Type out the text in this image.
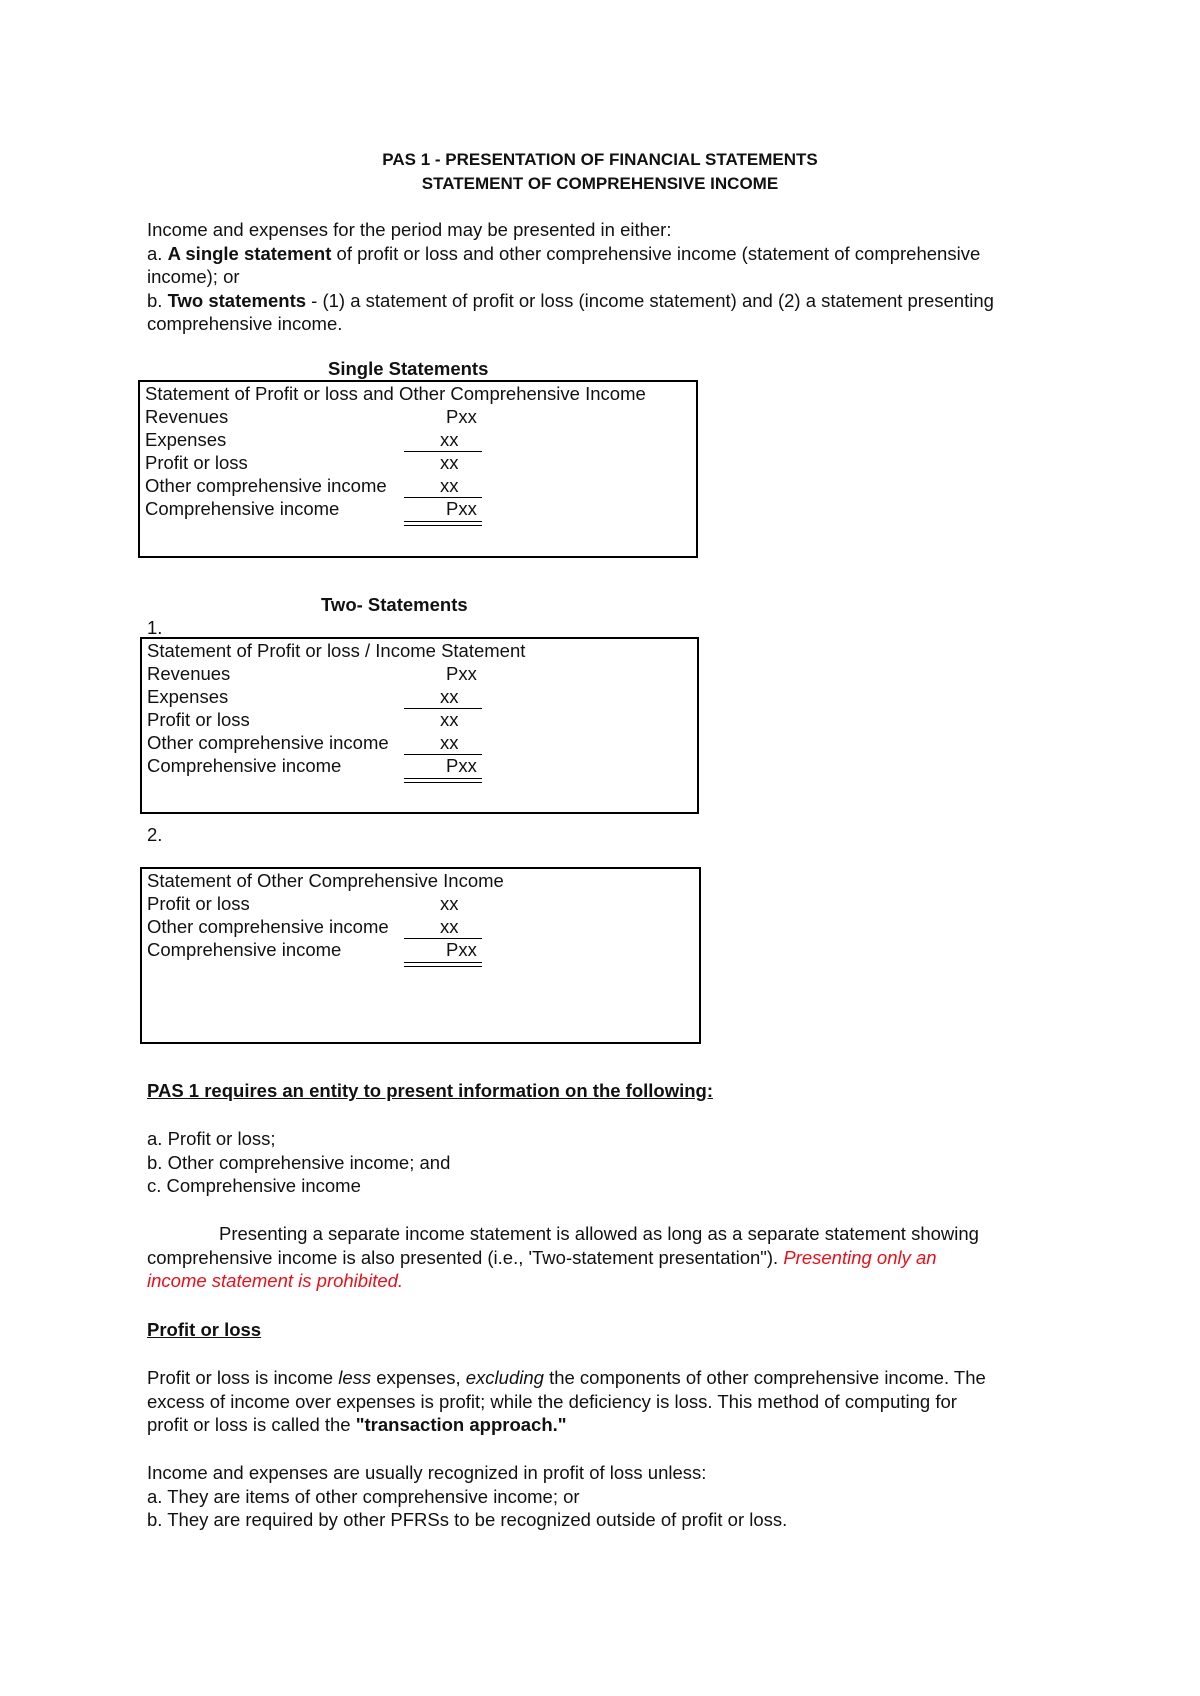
PAS 1 - PRESENTATION OF FINANCIAL STATEMENTS
STATEMENT OF COMPREHENSIVE INCOME
Income and expenses for the period may be presented in either:
a. A single statement of profit or loss and other comprehensive income (statement of comprehensive
income); or
b. Two statements - (1) a statement of profit or loss (income statement) and (2) a statement presenting
comprehensive income.
Single Statements
Statement of Profit or loss and Other Comprehensive Income
Revenues	Pxx
Expenses	xx
Profit or loss	xx
Other comprehensive income	xx
Comprehensive income	Pxx
Two- Statements
1.
Statement of Profit or loss / Income Statement
Revenues	Pxx
Expenses	xx
Profit or loss	xx
Other comprehensive income	xx
Comprehensive income	Pxx
2.
Statement of Other Comprehensive Income
Profit or loss	xx
Other comprehensive income	xx
Comprehensive income	Pxx
PAS 1 requires an entity to present information on the following:
a. Profit or loss;
b. Other comprehensive income; and
c. Comprehensive income
Presenting a separate income statement is allowed as long as a separate statement showing
comprehensive income is also presented (i.e., 'Two-statement presentation"). Presenting only an
income statement is prohibited.
Profit or loss
Profit or loss is income less expenses, excluding the components of other comprehensive income. The
excess of income over expenses is profit; while the deficiency is loss. This method of computing for
profit or loss is called the "transaction approach."
Income and expenses are usually recognized in profit of loss unless:
a. They are items of other comprehensive income; or
b. They are required by other PFRSs to be recognized outside of profit or loss.
